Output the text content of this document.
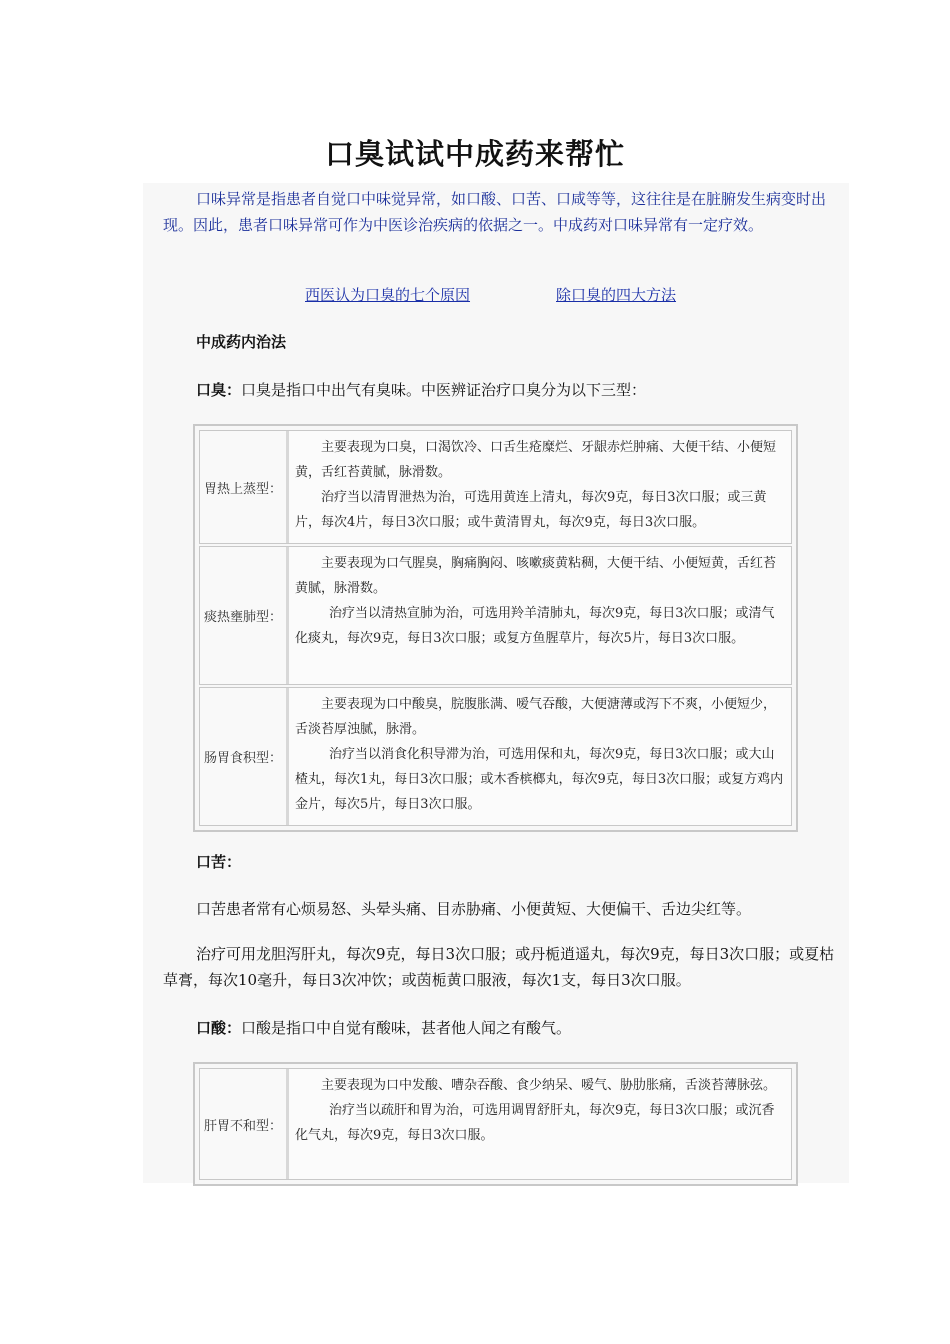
口臭试试中成药来帮忙
口味异常是指患者自觉口中味觉异常，如口酸、口苦、口咸等等，这往往是在脏腑发生病变时出现。因此，患者口味异常可作为中医诊治疾病的依据之一。中成药对口味异常有一定疗效。
西医认为口臭的七个原因	除口臭的四大方法
中成药内治法
口臭：口臭是指口中出气有臭味。中医辨证治疗口臭分为以下三型：
胃热上蒸型：

主要表现为口臭，口渴饮冷、口舌生疮糜烂、牙龈赤烂肿痛、大便干结、小便短黄，舌红苔黄腻，脉滑数。

治疗当以清胃泄热为治，可选用黄连上清丸，每次9克，每日3次口服；或三黄片，每次4片，每日3次口服；或牛黄清胃丸，每次9克，每日3次口服。

痰热壅肺型：

主要表现为口气腥臭，胸痛胸闷、咳嗽痰黄粘稠，大便干结、小便短黄，舌红苔黄腻，脉滑数。

治疗当以清热宣肺为治，可选用羚羊清肺丸，每次9克，每日3次口服；或清气化痰丸，每次9克，每日3次口服；或复方鱼腥草片，每次5片，每日3次口服。

肠胃食积型：

主要表现为口中酸臭，脘腹胀满、嗳气吞酸，大便溏薄或泻下不爽，小便短少，舌淡苔厚浊腻，脉滑。

治疗当以消食化积导滞为治，可选用保和丸，每次9克，每日3次口服；或大山楂丸，每次1丸，每日3次口服；或木香槟榔丸，每次9克，每日3次口服；或复方鸡内金片，每次5片，每日3次口服。

口苦：
口苦患者常有心烦易怒、头晕头痛、目赤胁痛、小便黄短、大便偏干、舌边尖红等。
治疗可用龙胆泻肝丸，每次9克，每日3次口服；或丹栀逍遥丸，每次9克，每日3次口服；或夏枯草膏，每次10毫升，每日3次冲饮；或茵栀黄口服液，每次1支，每日3次口服。
口酸：口酸是指口中自觉有酸味，甚者他人闻之有酸气。
肝胃不和型：

主要表现为口中发酸、嘈杂吞酸、食少纳呆、嗳气、胁肋胀痛，舌淡苔薄脉弦。

治疗当以疏肝和胃为治，可选用调胃舒肝丸，每次9克，每日3次口服；或沉香化气丸，每次9克，每日3次口服。
